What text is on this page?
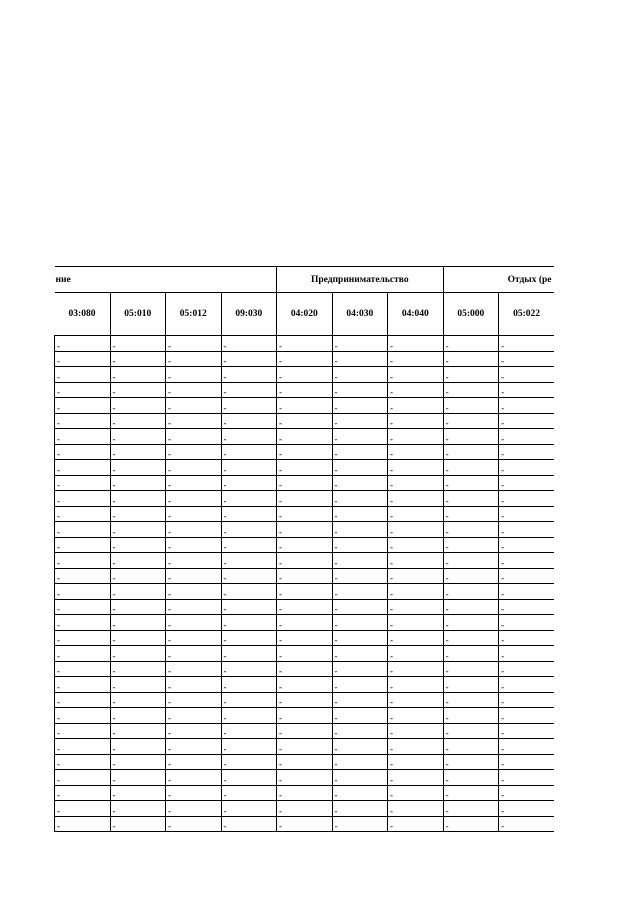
ние				Предпринимательство			Отдых (ре	
03:080	05:010	05:012	09:030	04:020	04:030	04:040	05:000	05:022
-	-	-	-	-	-	-	-	-
-	-	-	-	-	-	-	-	-
-	-	-	-	-	-	-	-	-
-	-	-	-	-	-	-	-	-
-	-	-	-	-	-	-	-	-
-	-	-	-	-	-	-	-	-
-	-	-	-	-	-	-	-	-
-	-	-	-	-	-	-	-	-
-	-	-	-	-	-	-	-	-
-	-	-	-	-	-	-	-	-
-	-	-	-	-	-	-	-	-
-	-	-	-	-	-	-	-	-
-	-	-	-	-	-	-	-	-
-	-	-	-	-	-	-	-	-
-	-	-	-	-	-	-	-	-
-	-	-	-	-	-	-	-	-
-	-	-	-	-	-	-	-	-
-	-	-	-	-	-	-	-	-
-	-	-	-	-	-	-	-	-
-	-	-	-	-	-	-	-	-
-	-	-	-	-	-	-	-	-
-	-	-	-	-	-	-	-	-
-	-	-	-	-	-	-	-	-
-	-	-	-	-	-	-	-	-
-	-	-	-	-	-	-	-	-
-	-	-	-	-	-	-	-	-
-	-	-	-	-	-	-	-	-
-	-	-	-	-	-	-	-	-
-	-	-	-	-	-	-	-	-
-	-	-	-	-	-	-	-	-
-	-	-	-	-	-	-	-	-
-	-	-	-	-	-	-	-	-
